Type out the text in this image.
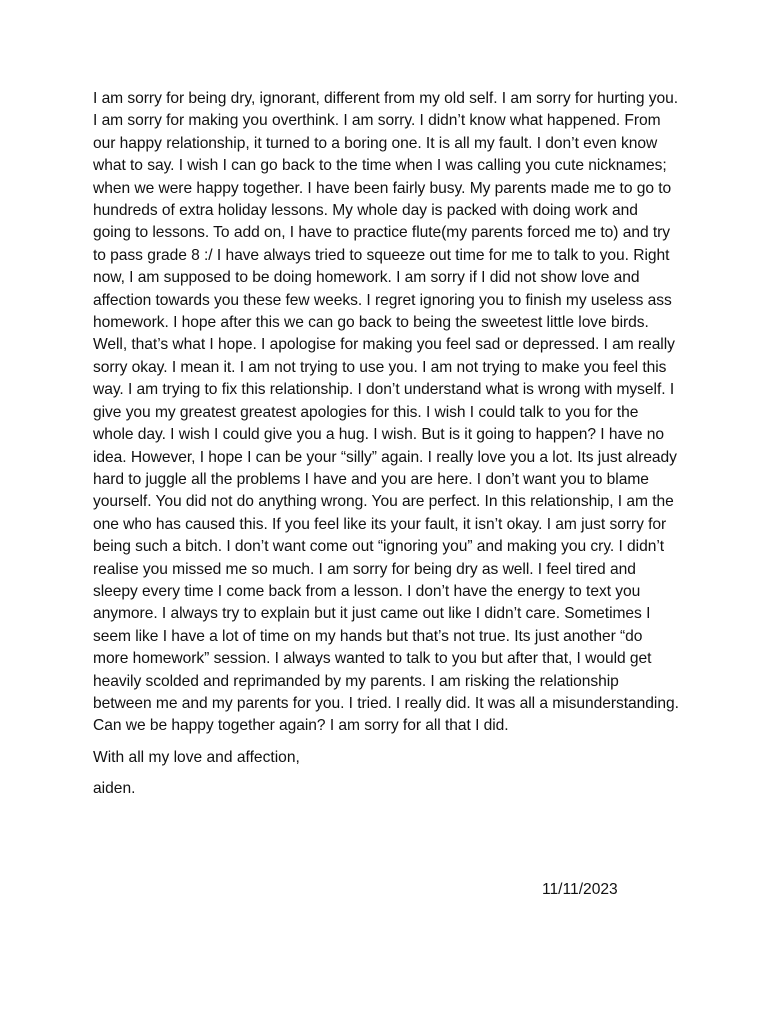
I am sorry for being dry, ignorant, different from my old self. I am sorry for hurting you. I am sorry for making you overthink. I am sorry. I didn’t know what happened. From our happy relationship, it turned to a boring one. It is all my fault. I don’t even know what to say. I wish I can go back to the time when I was calling you cute nicknames; when we were happy together. I have been fairly busy. My parents made me to go to hundreds of extra holiday lessons. My whole day is packed with doing work and going to lessons. To add on, I have to practice flute(my parents forced me to) and try to pass grade 8 :/ I have always tried to squeeze out time for me to talk to you. Right now, I am supposed to be doing homework. I am sorry if I did not show love and affection towards you these few weeks. I regret ignoring you to finish my useless ass homework. I hope after this we can go back to being the sweetest little love birds. Well, that’s what I hope. I apologise for making you feel sad or depressed. I am really sorry okay. I mean it. I am not trying to use you. I am not trying to make you feel this way. I am trying to fix this relationship. I don’t understand what is wrong with myself. I give you my greatest greatest apologies for this. I wish I could talk to you for the whole day. I wish I could give you a hug. I wish. But is it going to happen? I have no idea. However, I hope I can be your “silly” again. I really love you a lot. Its just already hard to juggle all the problems I have and you are here. I don’t want you to blame yourself. You did not do anything wrong. You are perfect. In this relationship, I am the one who has caused this. If you feel like its your fault, it isn’t okay. I am just sorry for being such a bitch. I don’t want come out “ignoring you” and making you cry. I didn’t realise you missed me so much. I am sorry for being dry as well. I feel tired and sleepy every time I come back from a lesson. I don’t have the energy to text you anymore. I always try to explain but it just came out like I didn’t care. Sometimes I seem like I have a lot of time on my hands but that’s not true. Its just another “do more homework” session. I always wanted to talk to you but after that, I would get heavily scolded and reprimanded by my parents. I am risking the relationship between me and my parents for you. I tried. I really did. It was all a misunderstanding. Can we be happy together again? I am sorry for all that I did.

With all my love and affection,

aiden.

11/11/2023
